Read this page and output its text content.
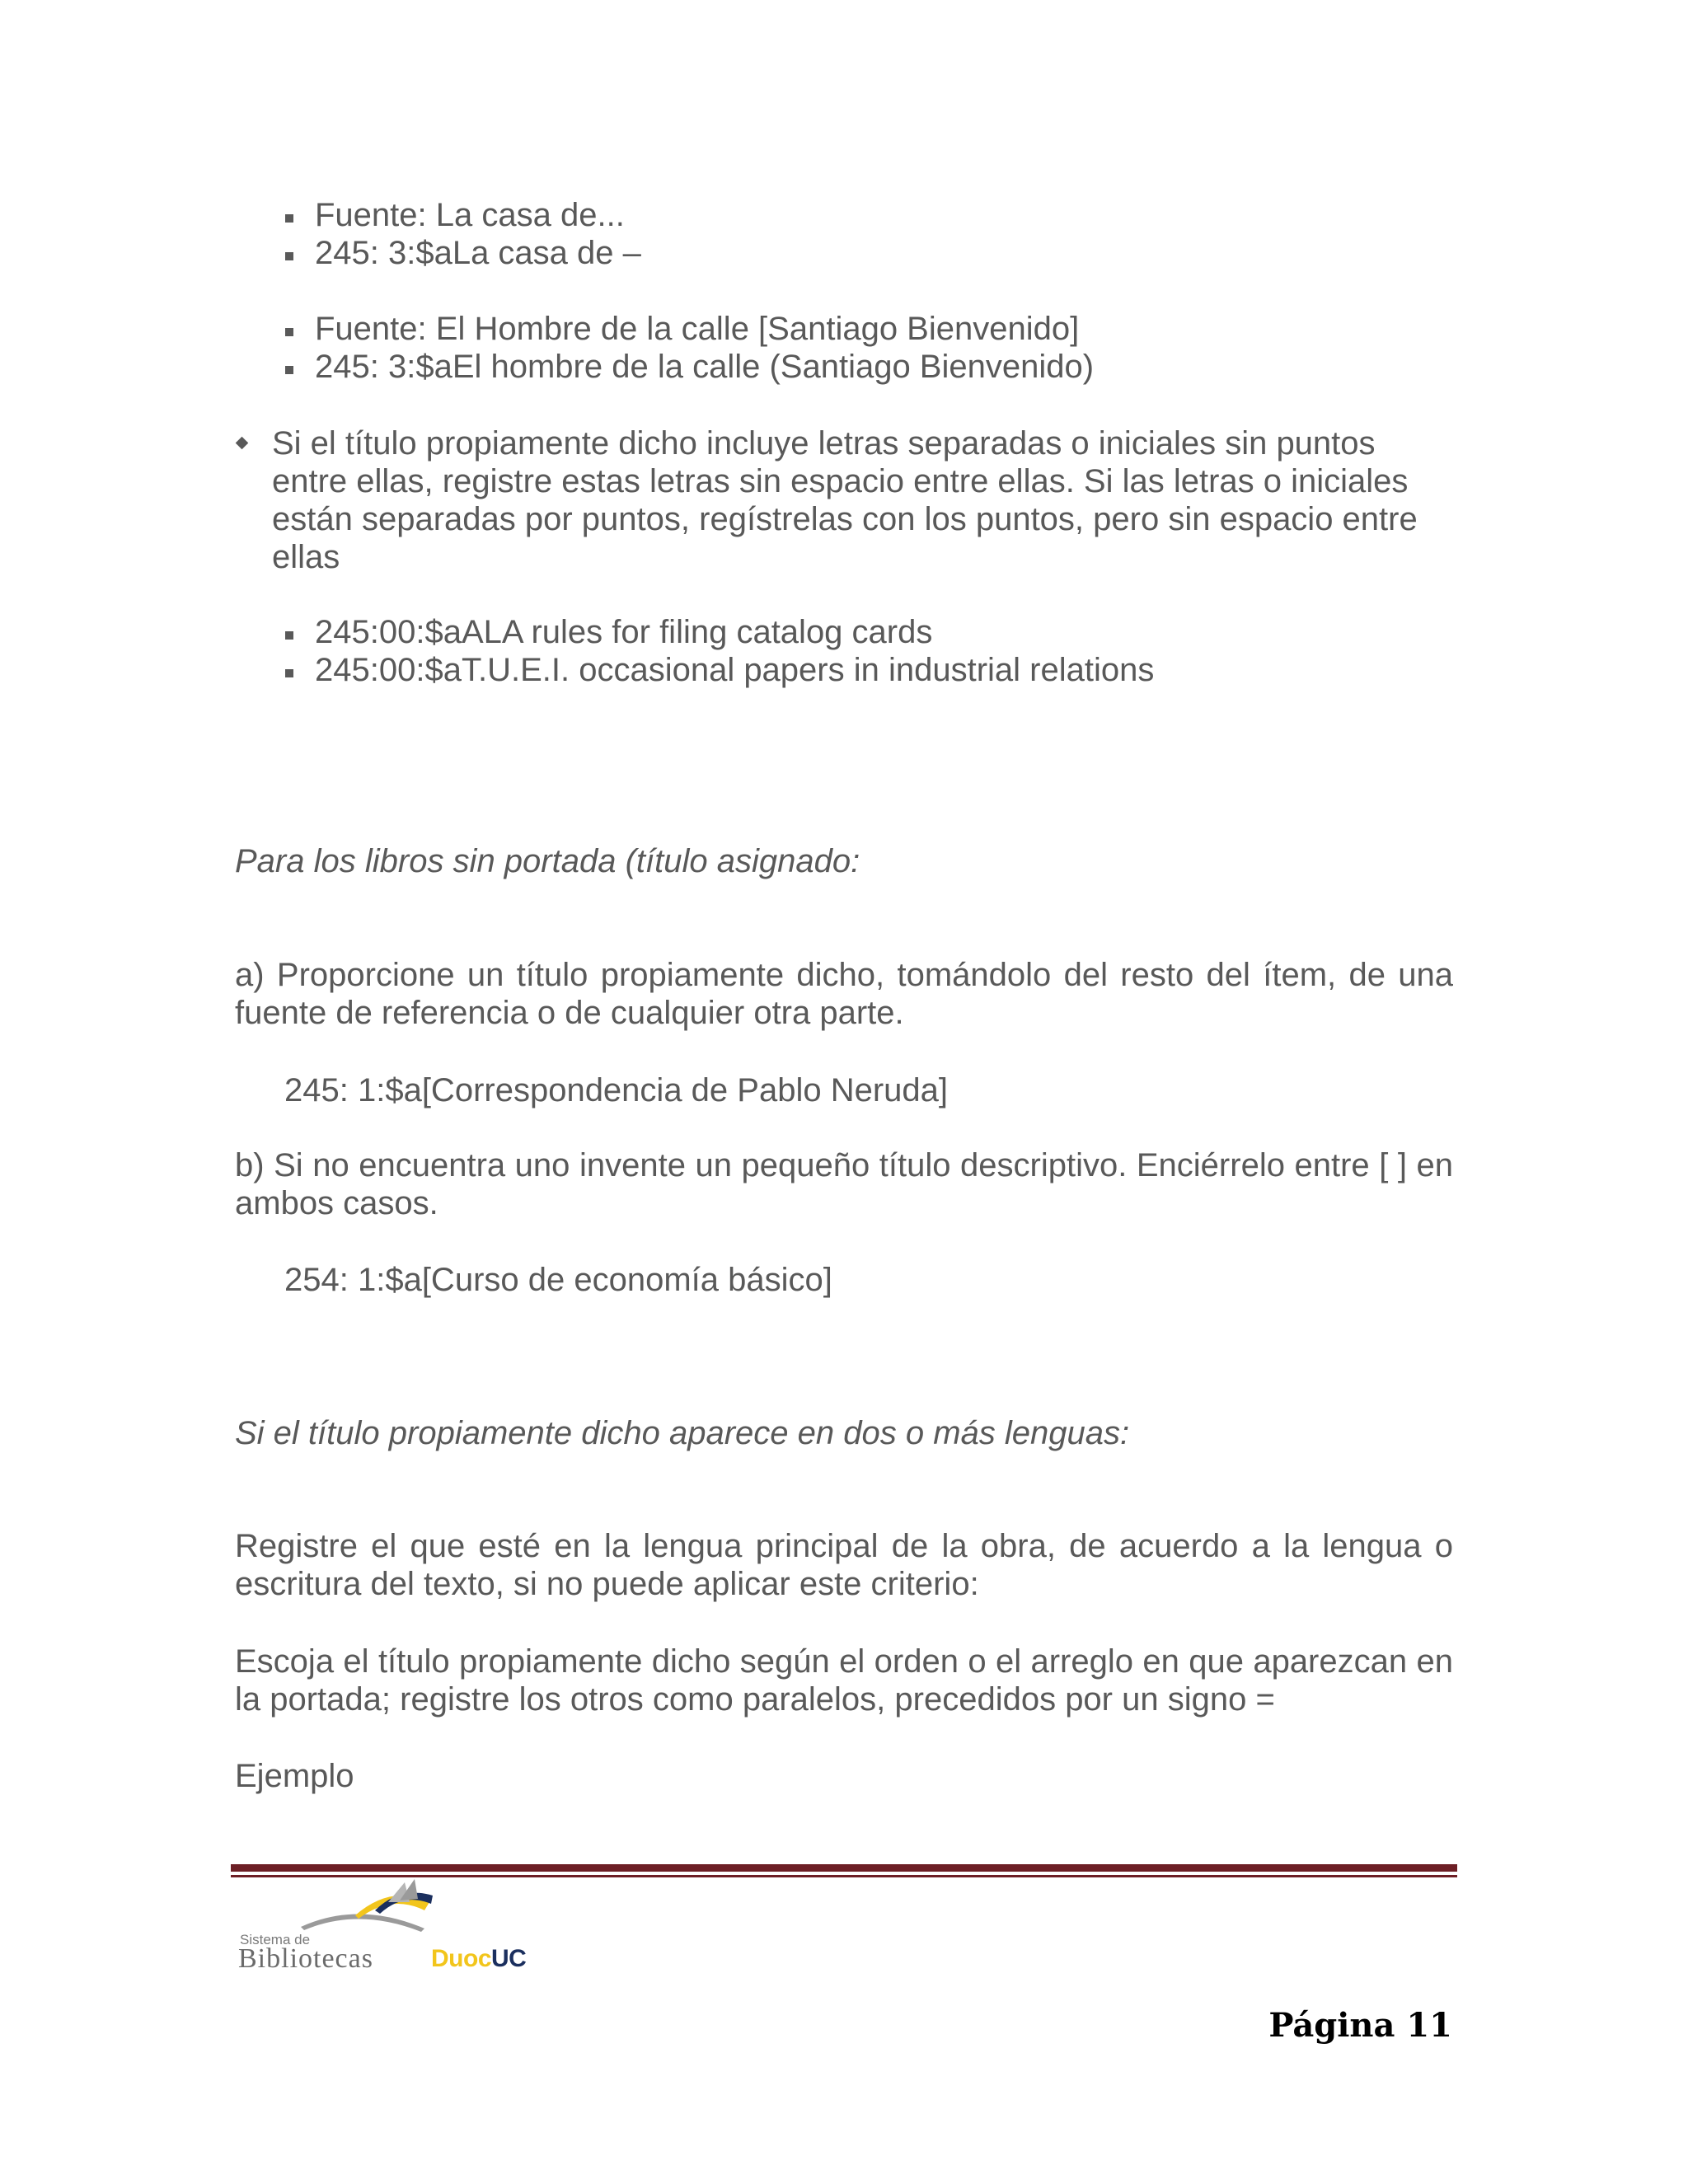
Fuente: La casa de...
245: 3:$aLa casa de –
Fuente: El Hombre de la calle [Santiago Bienvenido]
245: 3:$aEl hombre de la calle (Santiago Bienvenido)
Si el título propiamente dicho incluye letras separadas o iniciales sin puntos
entre ellas, registre estas letras sin espacio entre ellas. Si las letras o iniciales
están separadas por puntos, regístrelas con los puntos, pero sin espacio entre
ellas
245:00:$aALA rules for filing catalog cards
245:00:$aT.U.E.I. occasional papers in industrial relations
Para los libros sin portada (título asignado:
a) Proporcione un título propiamente dicho, tomándolo del resto del ítem, de una fuente de referencia o de cualquier otra parte.
245: 1:$a[Correspondencia de Pablo Neruda]
b) Si no encuentra uno invente un pequeño título descriptivo. Enciérrelo entre [ ] en ambos casos.
254: 1:$a[Curso de economía básico]
Si el título propiamente dicho aparece en dos o más lenguas:
Registre el que esté en la lengua principal de la obra, de acuerdo a la lengua o escritura del texto, si no puede aplicar este criterio:
Escoja el título propiamente dicho según el orden o el arreglo en que aparezcan en la portada; registre los otros como paralelos, precedidos por un signo =
Ejemplo
Sistema de
Bibliotecas DuocUC
Página 11
